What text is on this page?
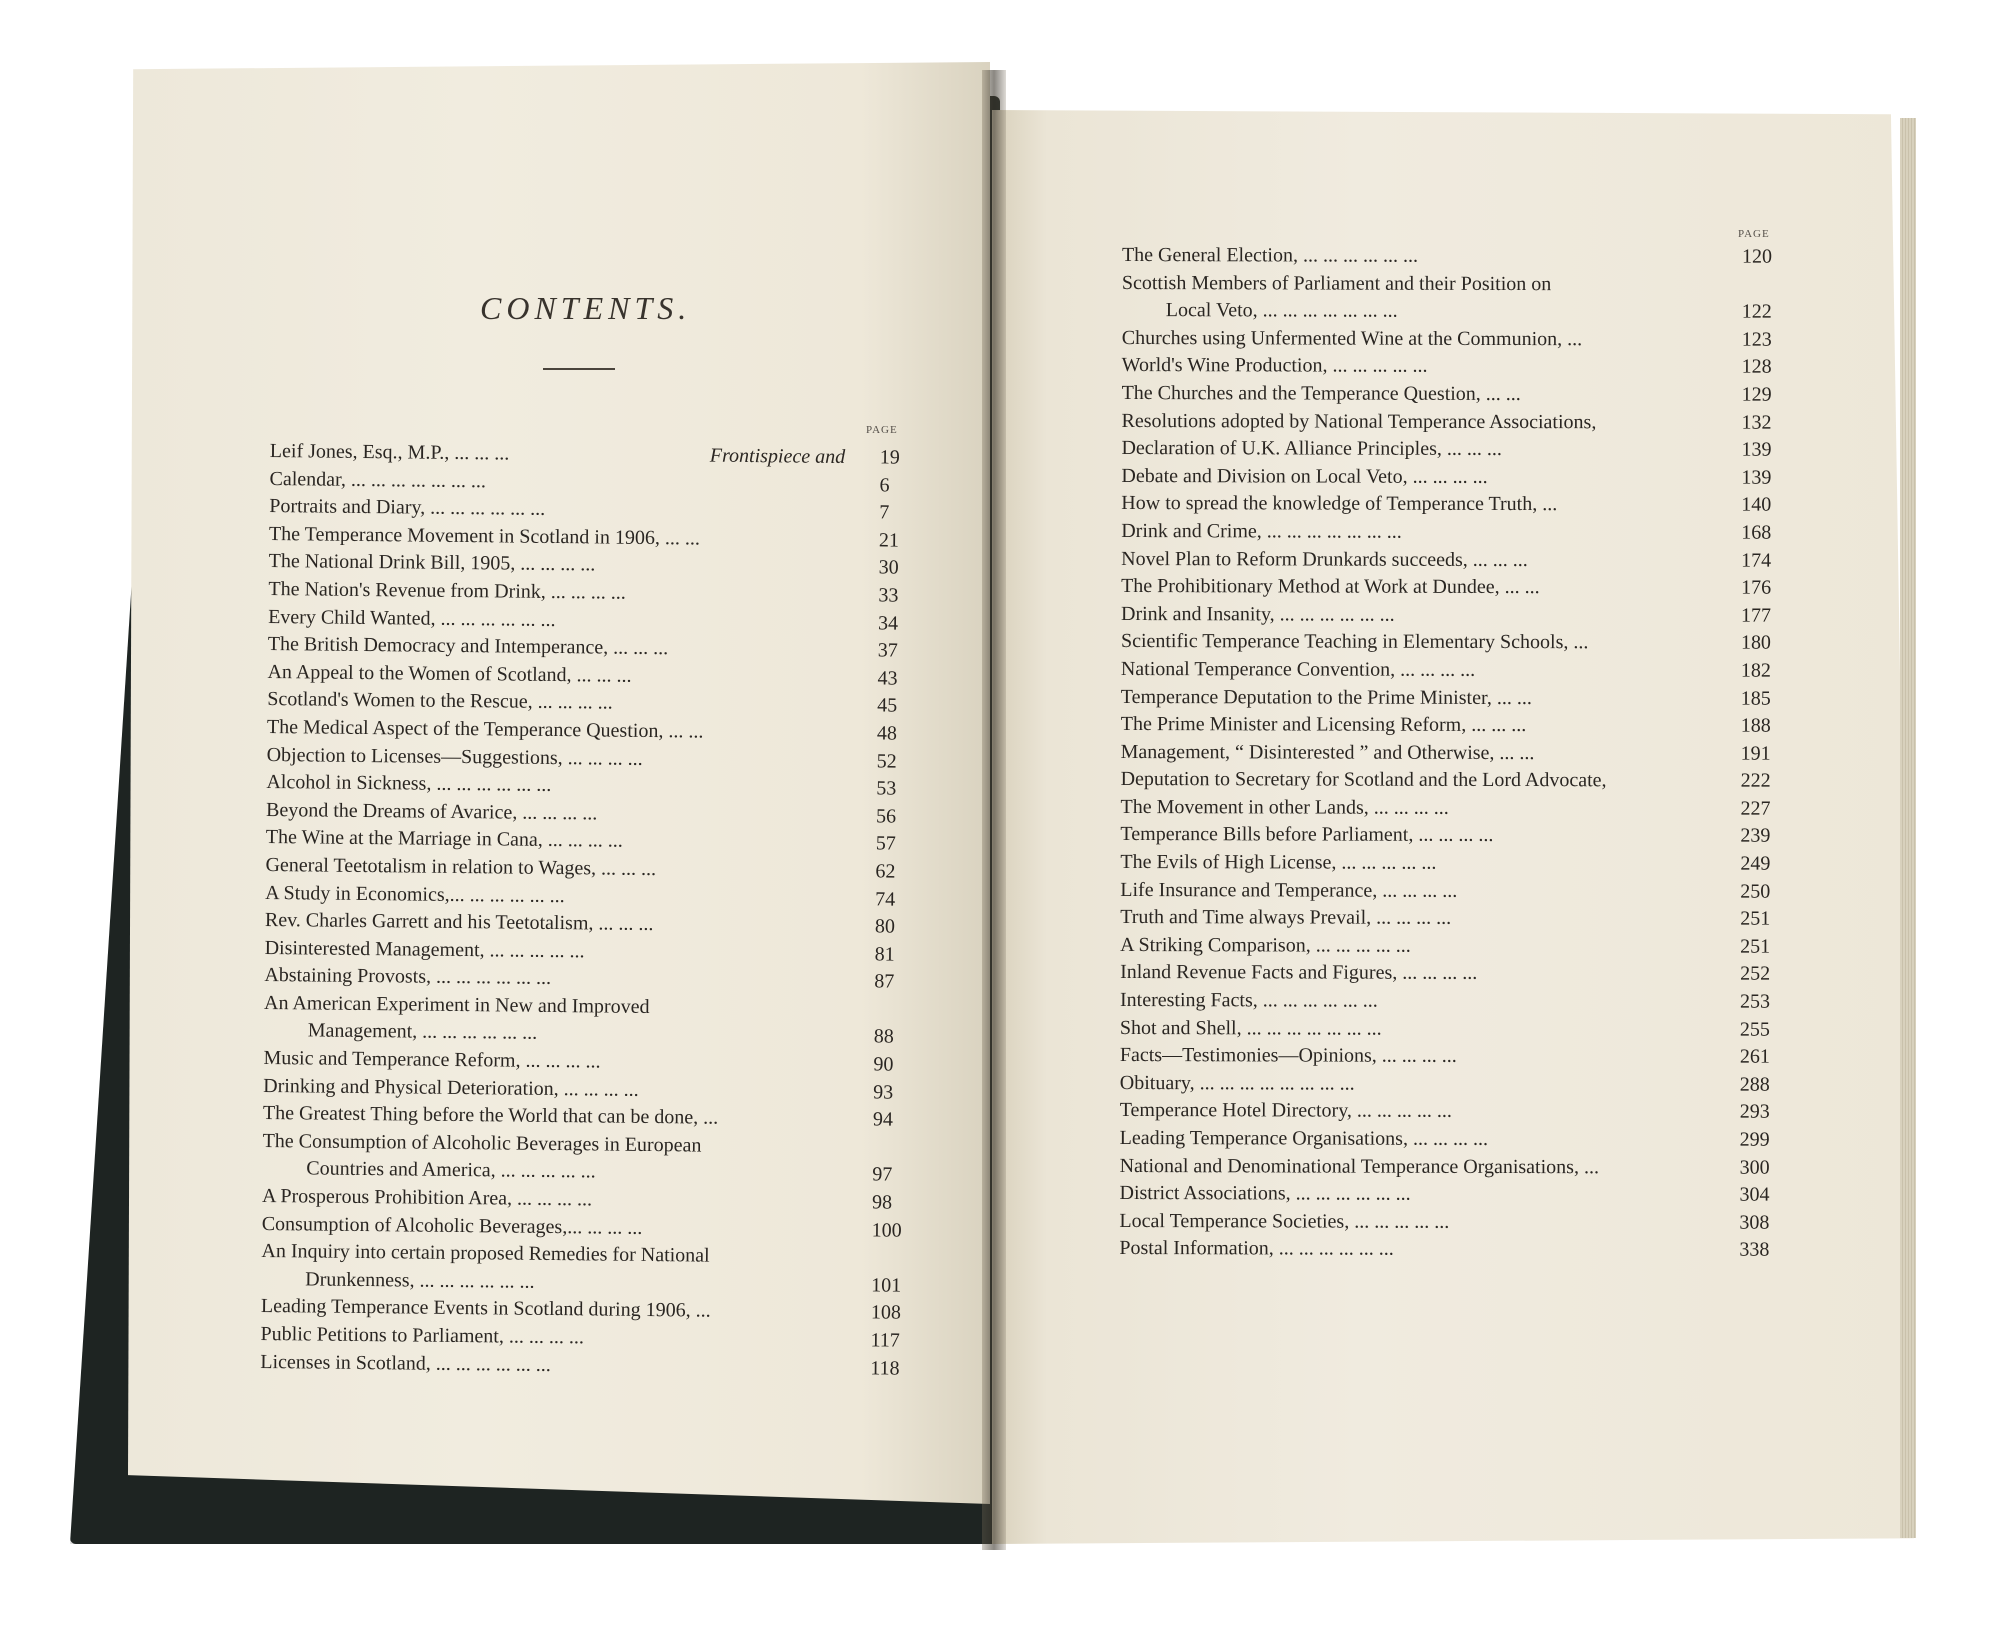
CONTENTS.
PAGE
PAGE
Leif Jones, Esq., M.P., ... ... ...	Frontispiece and 19
Calendar, ... ... ... ... ... ... ...	6
Portraits and Diary, ... ... ... ... ... ...	7
The Temperance Movement in Scotland in 1906, ... ...	21
The National Drink Bill, 1905, ... ... ... ...	30
The Nation's Revenue from Drink, ... ... ... ...	33
Every Child Wanted, ... ... ... ... ... ...	34
The British Democracy and Intemperance, ... ... ...	37
An Appeal to the Women of Scotland, ... ... ...	43
Scotland's Women to the Rescue, ... ... ... ...	45
The Medical Aspect of the Temperance Question, ... ...	48
Objection to Licenses—Suggestions, ... ... ... ...	52
Alcohol in Sickness, ... ... ... ... ... ...	53
Beyond the Dreams of Avarice, ... ... ... ...	56
The Wine at the Marriage in Cana, ... ... ... ...	57
General Teetotalism in relation to Wages, ... ... ...	62
A Study in Economics,... ... ... ... ... ...	74
Rev. Charles Garrett and his Teetotalism, ... ... ...	80
Disinterested Management, ... ... ... ... ...	81
Abstaining Provosts, ... ... ... ... ... ...	87
An American Experiment in New and Improved
Management, ... ... ... ... ... ...	88
Music and Temperance Reform, ... ... ... ...	90
Drinking and Physical Deterioration, ... ... ... ...	93
The Greatest Thing before the World that can be done, ...	94
The Consumption of Alcoholic Beverages in European
Countries and America, ... ... ... ... ...	97
A Prosperous Prohibition Area, ... ... ... ...	98
Consumption of Alcoholic Beverages,... ... ... ...	100
An Inquiry into certain proposed Remedies for National
Drunkenness, ... ... ... ... ... ...	101
Leading Temperance Events in Scotland during 1906, ...	108
Public Petitions to Parliament, ... ... ... ...	117
Licenses in Scotland, ... ... ... ... ... ...	118
The General Election, ... ... ... ... ... ...	120
Scottish Members of Parliament and their Position on
Local Veto, ... ... ... ... ... ... ...	122
Churches using Unfermented Wine at the Communion, ...	123
World's Wine Production, ... ... ... ... ...	128
The Churches and the Temperance Question, ... ...	129
Resolutions adopted by National Temperance Associations,	132
Declaration of U.K. Alliance Principles, ... ... ...	139
Debate and Division on Local Veto, ... ... ... ...	139
How to spread the knowledge of Temperance Truth, ...	140
Drink and Crime, ... ... ... ... ... ... ...	168
Novel Plan to Reform Drunkards succeeds, ... ... ...	174
The Prohibitionary Method at Work at Dundee, ... ...	176
Drink and Insanity, ... ... ... ... ... ...	177
Scientific Temperance Teaching in Elementary Schools, ...	180
National Temperance Convention, ... ... ... ...	182
Temperance Deputation to the Prime Minister, ... ...	185
The Prime Minister and Licensing Reform, ... ... ...	188
Management, “ Disinterested ” and Otherwise, ... ...	191
Deputation to Secretary for Scotland and the Lord Advocate,	222
The Movement in other Lands, ... ... ... ...	227
Temperance Bills before Parliament, ... ... ... ...	239
The Evils of High License, ... ... ... ... ...	249
Life Insurance and Temperance, ... ... ... ...	250
Truth and Time always Prevail, ... ... ... ...	251
A Striking Comparison, ... ... ... ... ...	251
Inland Revenue Facts and Figures, ... ... ... ...	252
Interesting Facts, ... ... ... ... ... ...	253
Shot and Shell, ... ... ... ... ... ... ...	255
Facts—Testimonies—Opinions, ... ... ... ...	261
Obituary, ... ... ... ... ... ... ... ...	288
Temperance Hotel Directory, ... ... ... ... ...	293
Leading Temperance Organisations, ... ... ... ...	299
National and Denominational Temperance Organisations, ...	300
District Associations, ... ... ... ... ... ...	304
Local Temperance Societies, ... ... ... ... ...	308
Postal Information, ... ... ... ... ... ...	338
